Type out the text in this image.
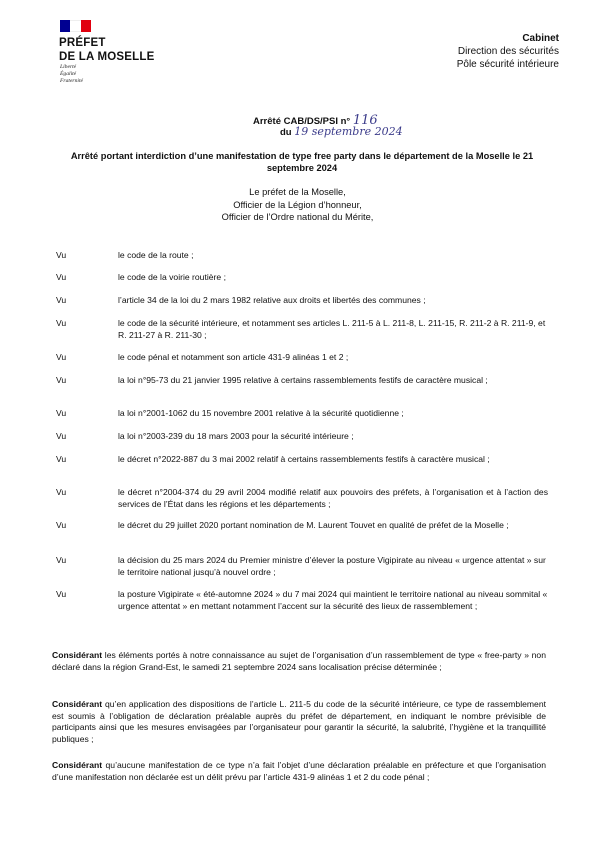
PRÉFET
DE LA MOSELLE
Liberté
Égalité
Fraternité
Cabinet
Direction des sécurités
Pôle sécurité intérieure
Arrêté CAB/DS/PSI n° 116
du 19 septembre 2024
Arrêté portant interdiction d’une manifestation de type free party dans le département de la Moselle le 21 septembre 2024
Le préfet de la Moselle,
Officier de la Légion d’honneur,
Officier de l’Ordre national du Mérite,
Vu	le code de la route ;
Vu	le code de la voirie routière ;
Vu	l’article 34 de la loi du 2 mars 1982 relative aux droits et libertés des communes ;
Vu	le code de la sécurité intérieure, et notamment ses articles L. 211-5 à L. 211-8, L. 211-15, R. 211-2 à R. 211-9, et R. 211-27 à R. 211-30 ;
Vu	le code pénal et notamment son article 431-9 alinéas 1 et 2 ;
Vu	la loi n°95-73 du 21 janvier 1995 relative à certains rassemblements festifs de caractère musical ;
Vu	la loi n°2001-1062 du 15 novembre 2001 relative à la sécurité quotidienne ;
Vu	la loi n°2003-239 du 18 mars 2003 pour la sécurité intérieure ;
Vu	le décret n°2022-887 du 3 mai 2002 relatif à certains rassemblements festifs à caractère musical ;
Vu	le décret n°2004-374 du 29 avril 2004 modifié relatif aux pouvoirs des préfets, à l’organisation et à l’action des services de l’État dans les régions et les départements ;
Vu	le décret du 29 juillet 2020 portant nomination de M. Laurent Touvet en qualité de préfet de la Moselle ;
Vu	la décision du 25 mars 2024 du Premier ministre d’élever la posture Vigipirate au niveau « urgence attentat » sur le territoire national jusqu’à nouvel ordre ;
Vu	la posture Vigipirate « été-automne 2024 » du 7 mai 2024 qui maintient le territoire national au niveau sommital « urgence attentat » en mettant notamment l’accent sur la sécurité des lieux de rassemblement ;
Considérant les éléments portés à notre connaissance au sujet de l’organisation d’un rassemblement de type « free-party » non déclaré dans la région Grand-Est, le samedi 21 septembre 2024 sans localisation précise déterminée ;
Considérant qu’en application des dispositions de l’article L. 211-5 du code de la sécurité intérieure, ce type de rassemblement est soumis à l’obligation de déclaration préalable auprès du préfet de département, en indiquant le nombre prévisible de participants ainsi que les mesures envisagées par l’organisateur pour garantir la sécurité, la salubrité, l’hygiène et la tranquillité publiques ;
Considérant qu’aucune manifestation de ce type n’a fait l’objet d’une déclaration préalable en préfecture et que l’organisation d’une manifestation non déclarée est un délit prévu par l’article 431-9 alinéas 1 et 2 du code pénal ;
